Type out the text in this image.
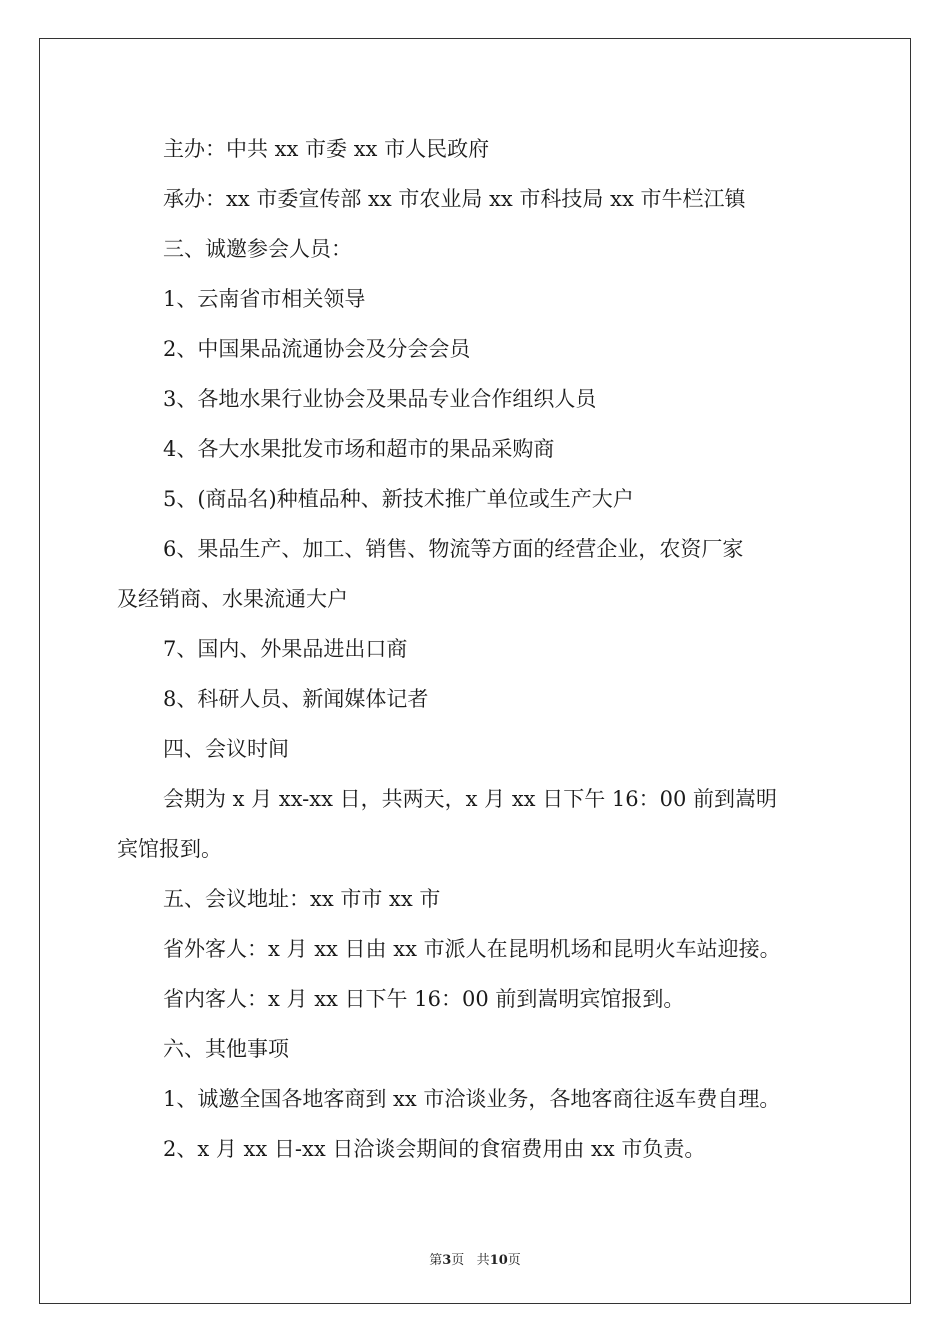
主办：中共 xx 市委 xx 市人民政府

承办：xx 市委宣传部 xx 市农业局 xx 市科技局 xx 市牛栏江镇

三、诚邀参会人员：

1、云南省市相关领导

2、中国果品流通协会及分会会员

3、各地水果行业协会及果品专业合作组织人员

4、各大水果批发市场和超市的果品采购商

5、(商品名)种植品种、新技术推广单位或生产大户

6、果品生产、加工、销售、物流等方面的经营企业，农资厂家

及经销商、水果流通大户

7、国内、外果品进出口商

8、科研人员、新闻媒体记者

四、会议时间

会期为 x 月 xx-xx 日，共两天，x 月 xx 日下午 16：00 前到嵩明

宾馆报到。

五、会议地址：xx 市市 xx 市

省外客人：x 月 xx 日由 xx 市派人在昆明机场和昆明火车站迎接。

省内客人：x 月 xx 日下午 16：00 前到嵩明宾馆报到。

六、其他事项

1、诚邀全国各地客商到 xx 市洽谈业务，各地客商往返车费自理。

2、x 月 xx 日-xx 日洽谈会期间的食宿费用由 xx 市负责。

第3页 共10页
